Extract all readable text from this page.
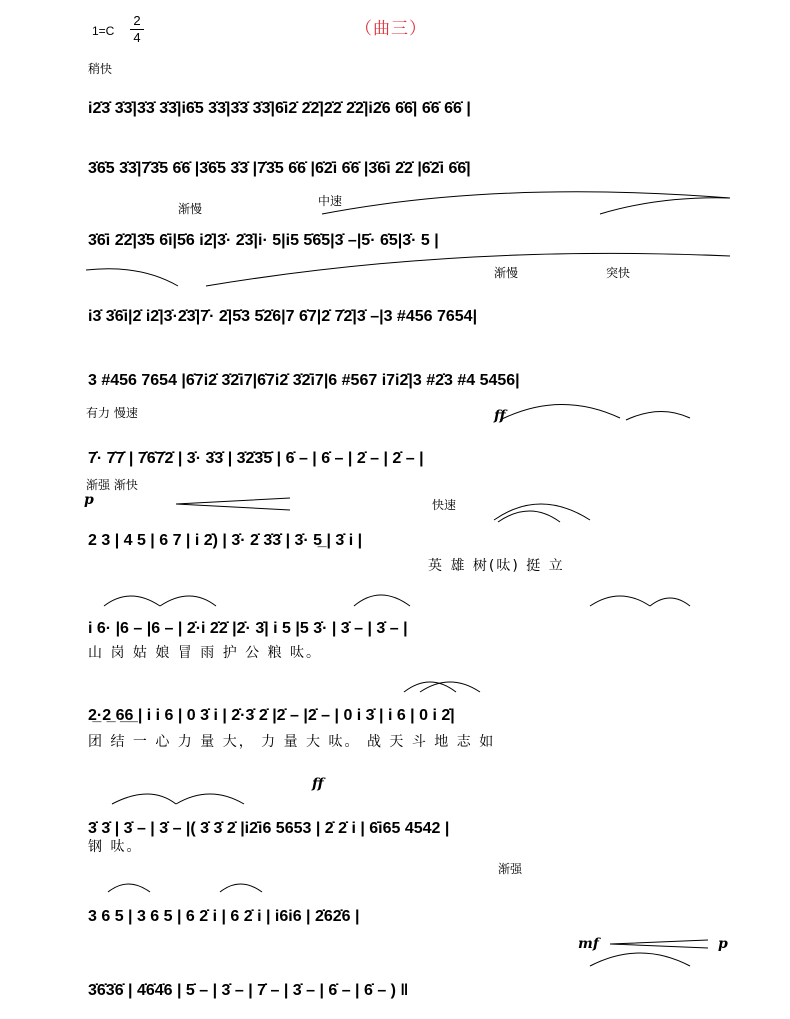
（曲三）
1=C
2
4
i2̇3̇ 3̇3̇|3̇3̇ 3̇3̇|i6̇5 3̇3̇|3̇3̇ 3̇3̇|6̇i2̇ 2̇2̇|2̇2̇ 2̇2̇|i2̇6 6̇6̇| 6̇6̇ 6̇6̇ |
3̇6̇5 3̇3̇|7̇3̇5 6̇6̇ |3̇6̇5 3̇3̇ |7̇3̇5 6̇6̇ |6̇2̇i 6̇6̇ |3̇6̇i 2̇2̇ |6̇2̇i 6̇6̇|
3̇6̇i 2̇2̇|3̇5 6̇i|5̇6 i2̇|3̇· 2̇3̇|i· 5|i5 5̇6̇5|3̇ –|5̇· 6̇5|3̇· 5 |
i3̇ 3̇6̇i|2̇ i2̇|3̇·2̇3̇|7̇· 2̇|5̇3 5̇2̇6|7 6̇7|2̇ 7̇2̇|3̇ –|3 #456 7654|
3 #456 7654 |6̇7i2̇ 3̇2̇i7|6̇7i2̇ 3̇2̇i7|6 #567 i7i2̇|3 #2̇3 #4 5456|
7̇· 7̇7̇ | 7̇6̇7̇2̇ | 3̇· 3̇3̇ | 3̇2̇3̇5̇ | 6̇ – | 6̇ – | 2̇ – | 2̇ – |
2 3 | 4 5 | 6 7 | i 2̇) | 3̇· 2̇ 3̇3̇ | 3̇· 5̲ | 3̇ i |
i 6· |6 – |6 – | 2̇·i 2̇2̇ |2̇· 3̇| i 5 |5 3̇· | 3̇ – | 3̇ – |
2̲·2̲ 6̲6̲ | i i 6 | 0 3̇ i | 2̇·3̇ 2̇ |2̇ – |2̇ – | 0 i 3̇ | i 6 | 0 i 2̇|
3̇ 3̇ | 3̇ – | 3̇ – |( 3̇ 3̇ 2̇ |i2̇i6 5653 | 2̇ 2̇ i | 6̇i65 4542 |
3 6 5 | 3 6 5 | 6 2̇ i | 6 2̇ i | i6i6 | 2̇62̇6 |
3̇6̇3̇6̇ | 4̇6̇4̇6 | 5̇ – | 3̇ – | 7̇ – | 3̇ – | 6̇ – | 6̇ – ) ‖
英 雄 树(呔) 挺 立
山 岗 姑 娘 冒 雨 护 公 粮 呔。
团 结 一 心 力 量 大， 力 量 大 呔。 战 天 斗 地 志 如
钢 呔。
稍快
渐慢
中速
渐慢	突快
有力 慢速
渐强 渐快
快速
渐强
ff
p
ff
mf	p
